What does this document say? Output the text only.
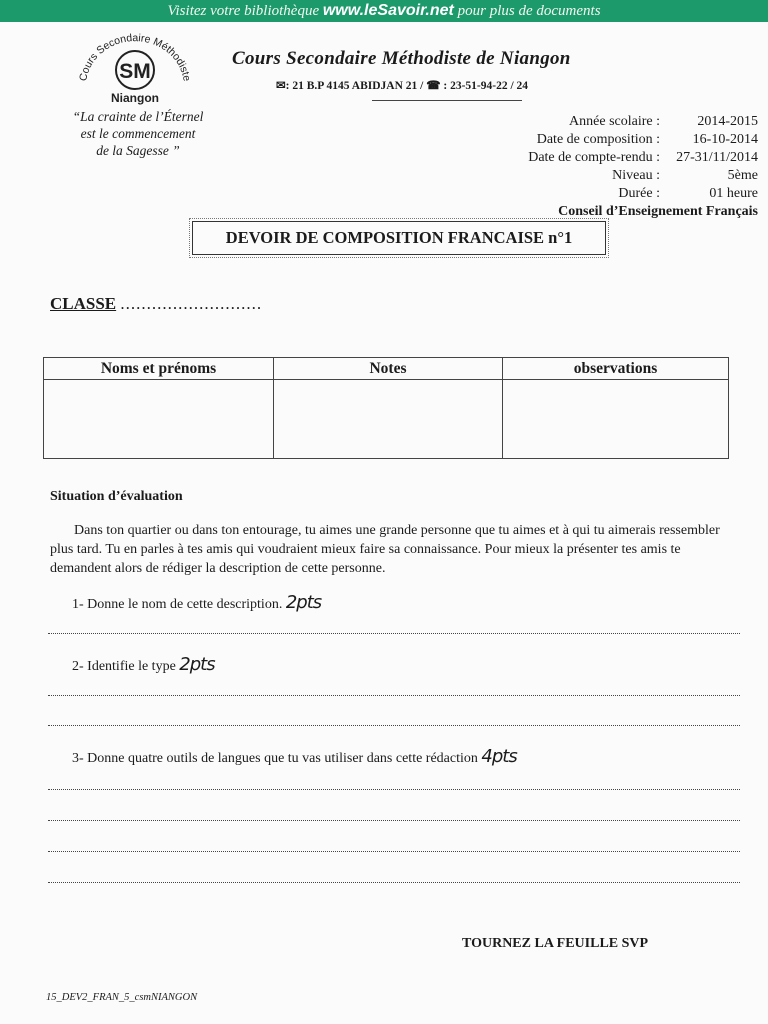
Visitez votre bibliothèque www.leSavoir.net pour plus de documents
Cours Secondaire Méthodiste
SM
Niangon
“La crainte de l’Éternel
est le commencement
de la Sagesse ”
Cours Secondaire Méthodiste de Niangon
✉: 21 B.P 4145 ABIDJAN 21 / ☎ : 23-51-94-22 / 24
Année scolaire :	2014-2015
Date de composition :	16-10-2014
Date de compte-rendu :	27-31/11/2014
Niveau :	5ème
Durée :	01 heure
Conseil d’Enseignement Français
DEVOIR DE COMPOSITION FRANCAISE n°1
CLASSE ...........................
Noms et prénoms	Notes	observations

Situation d’évaluation
Dans ton quartier ou dans ton entourage, tu aimes une grande personne que tu aimes et à qui tu aimerais ressembler plus tard. Tu en parles à tes amis qui voudraient mieux faire sa connaissance. Pour mieux la présenter tes amis te demandent alors de rédiger la description de cette personne.
1- Donne le nom de cette description. 2pts
2- Identifie le type 2pts
3- Donne quatre outils de langues que tu vas utiliser dans cette rédaction 4pts
TOURNEZ LA FEUILLE SVP
15_DEV2_FRAN_5_csmNIANGON
